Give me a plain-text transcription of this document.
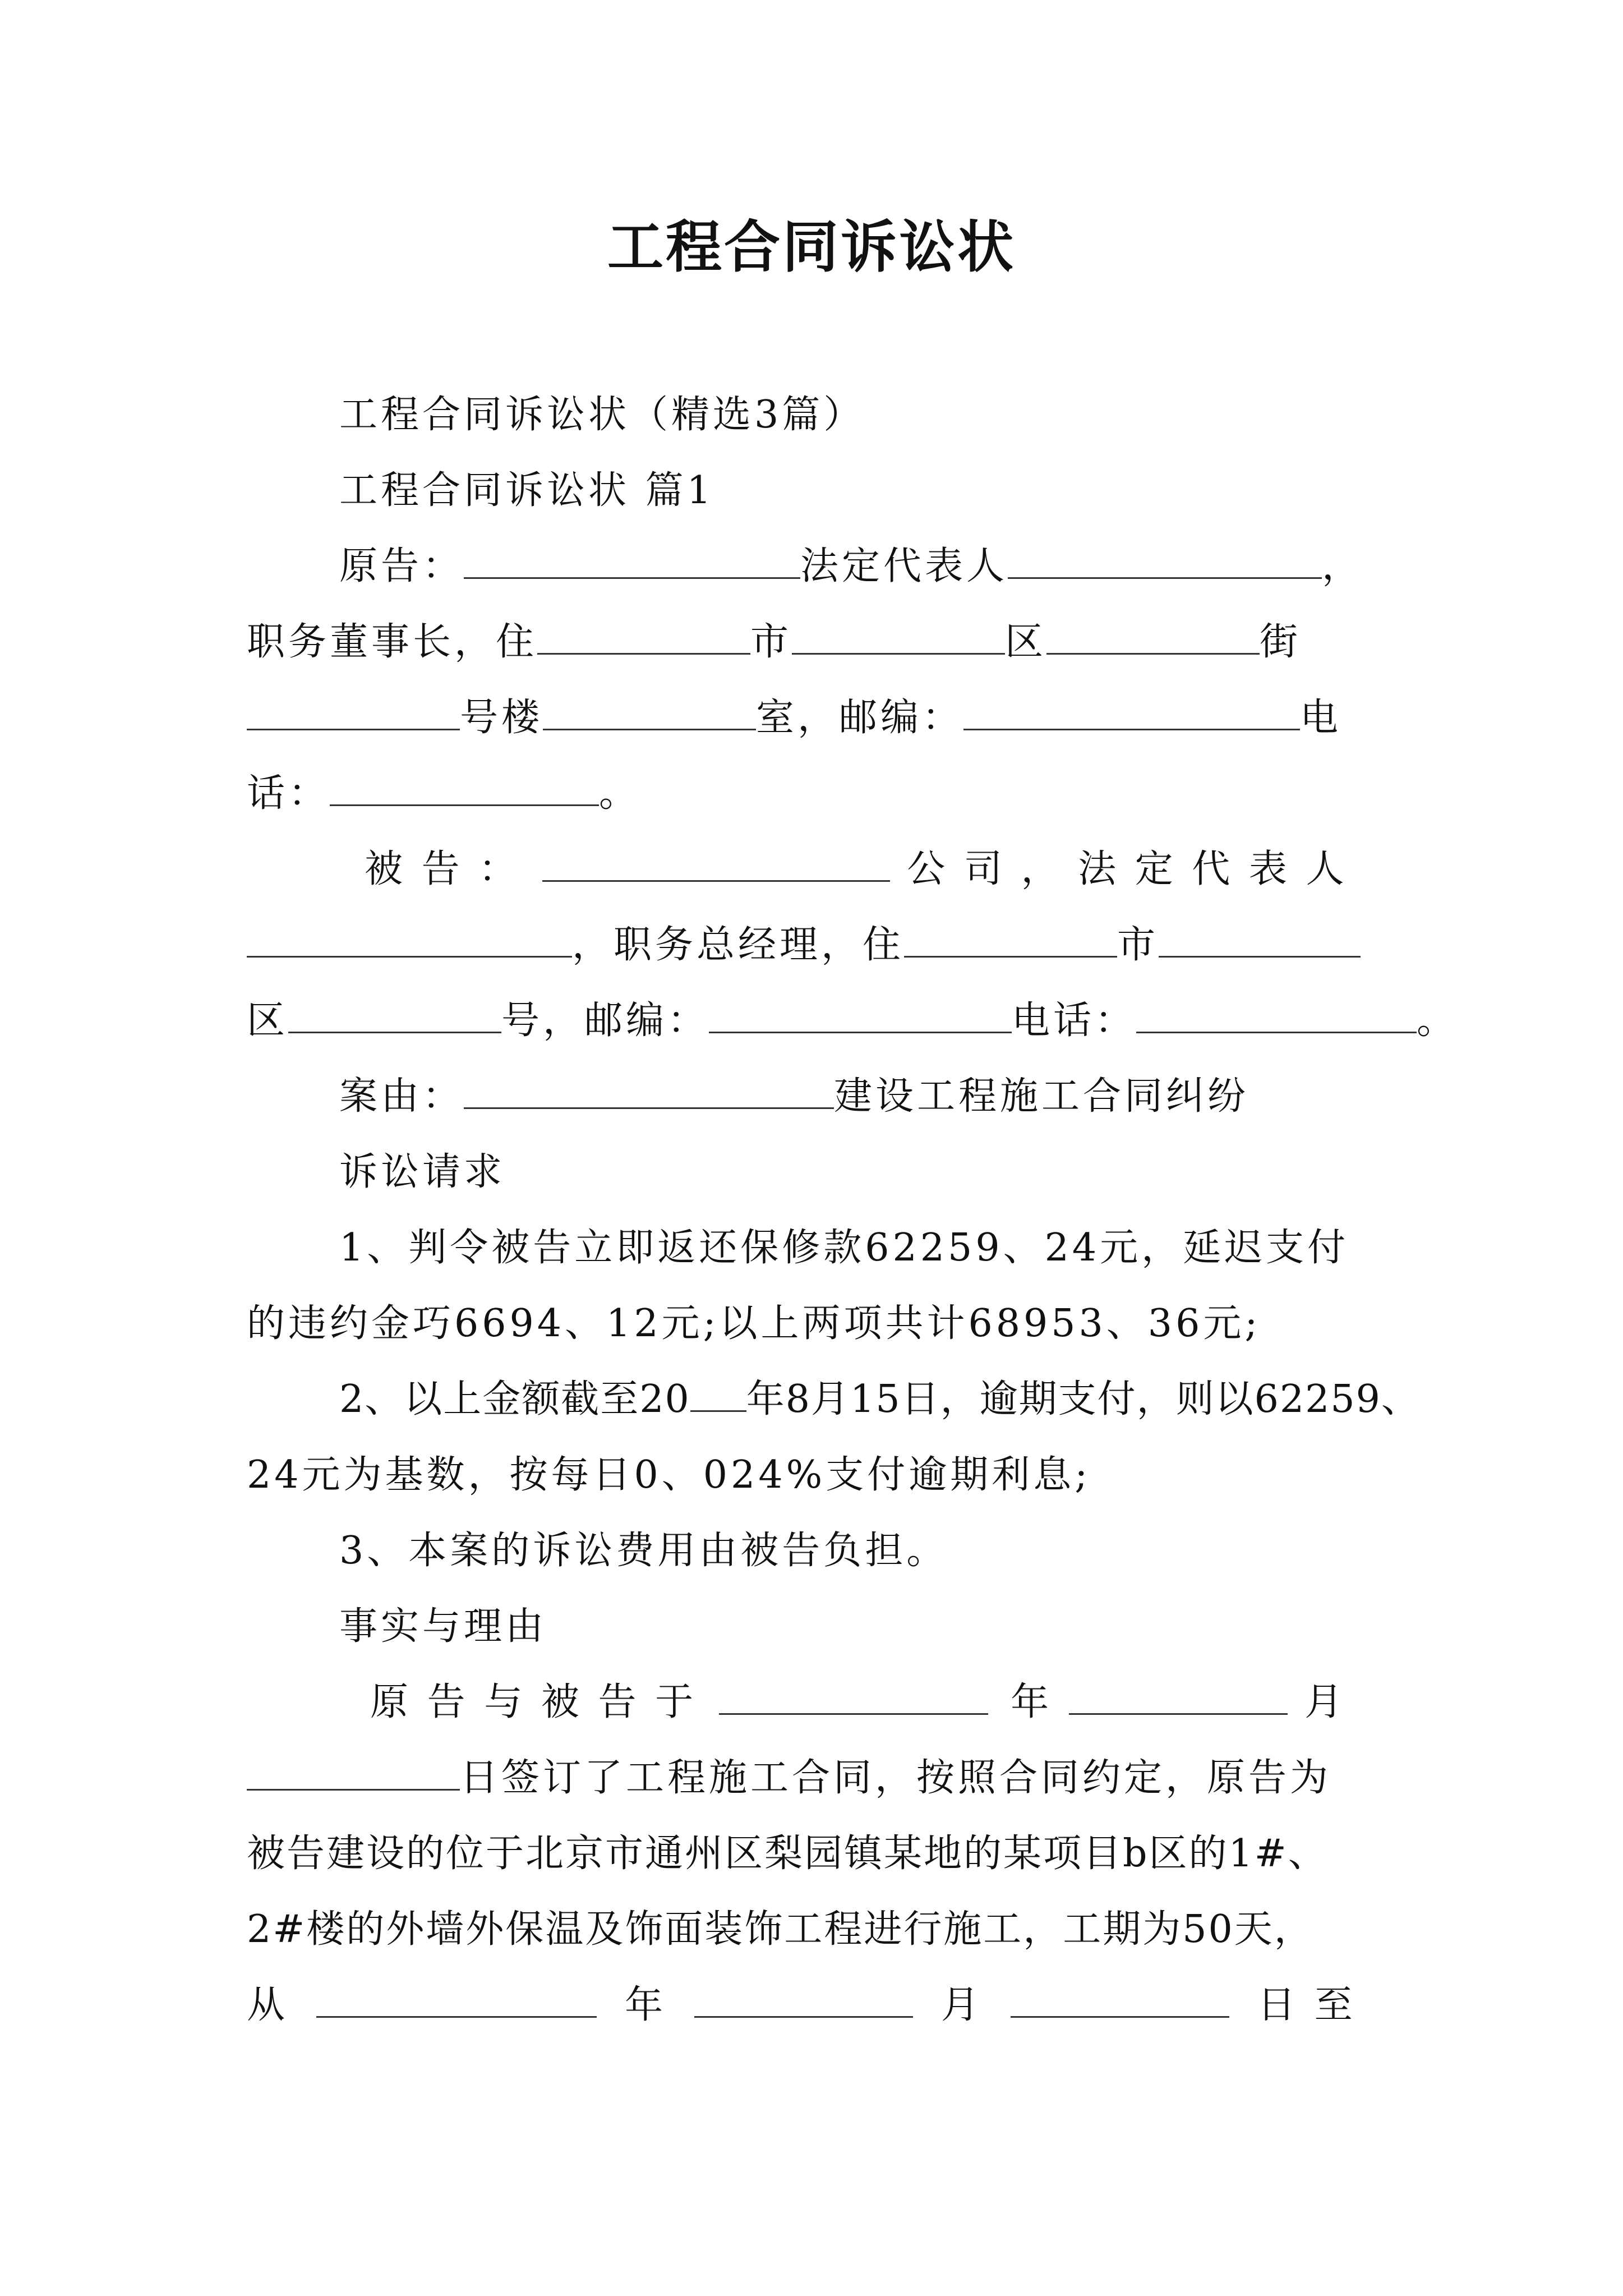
工程合同诉讼状
工程合同诉讼状（精选3篇）
工程合同诉讼状 篇1
原告：	法定代表人	，
职务董事长，住	市	区	街
号楼	室，邮编：	电
话：	。
被 告 ：	公 司 ， 法 定 代 表 人
，职务总经理，住	市
区	号，邮编：	电话：	。
案由：	建设工程施工合同纠纷
诉讼请求
1、判令被告立即返还保修款62259、24元，延迟支付
的违约金巧6694、12元;以上两项共计68953、36元;
2、以上金额截至20 年8月15日，逾期支付，则以62259、
24元为基数，按每日0、024%支付逾期利息;
3、本案的诉讼费用由被告负担。
事实与理由
原 告 与 被 告 于	年	月
日签订了工程施工合同，按照合同约定，原告为
被告建设的位于北京市通州区梨园镇某地的某项目b区的1#、
2#楼的外墙外保温及饰面装饰工程进行施工，工期为50天，
从	年	月	日 至
